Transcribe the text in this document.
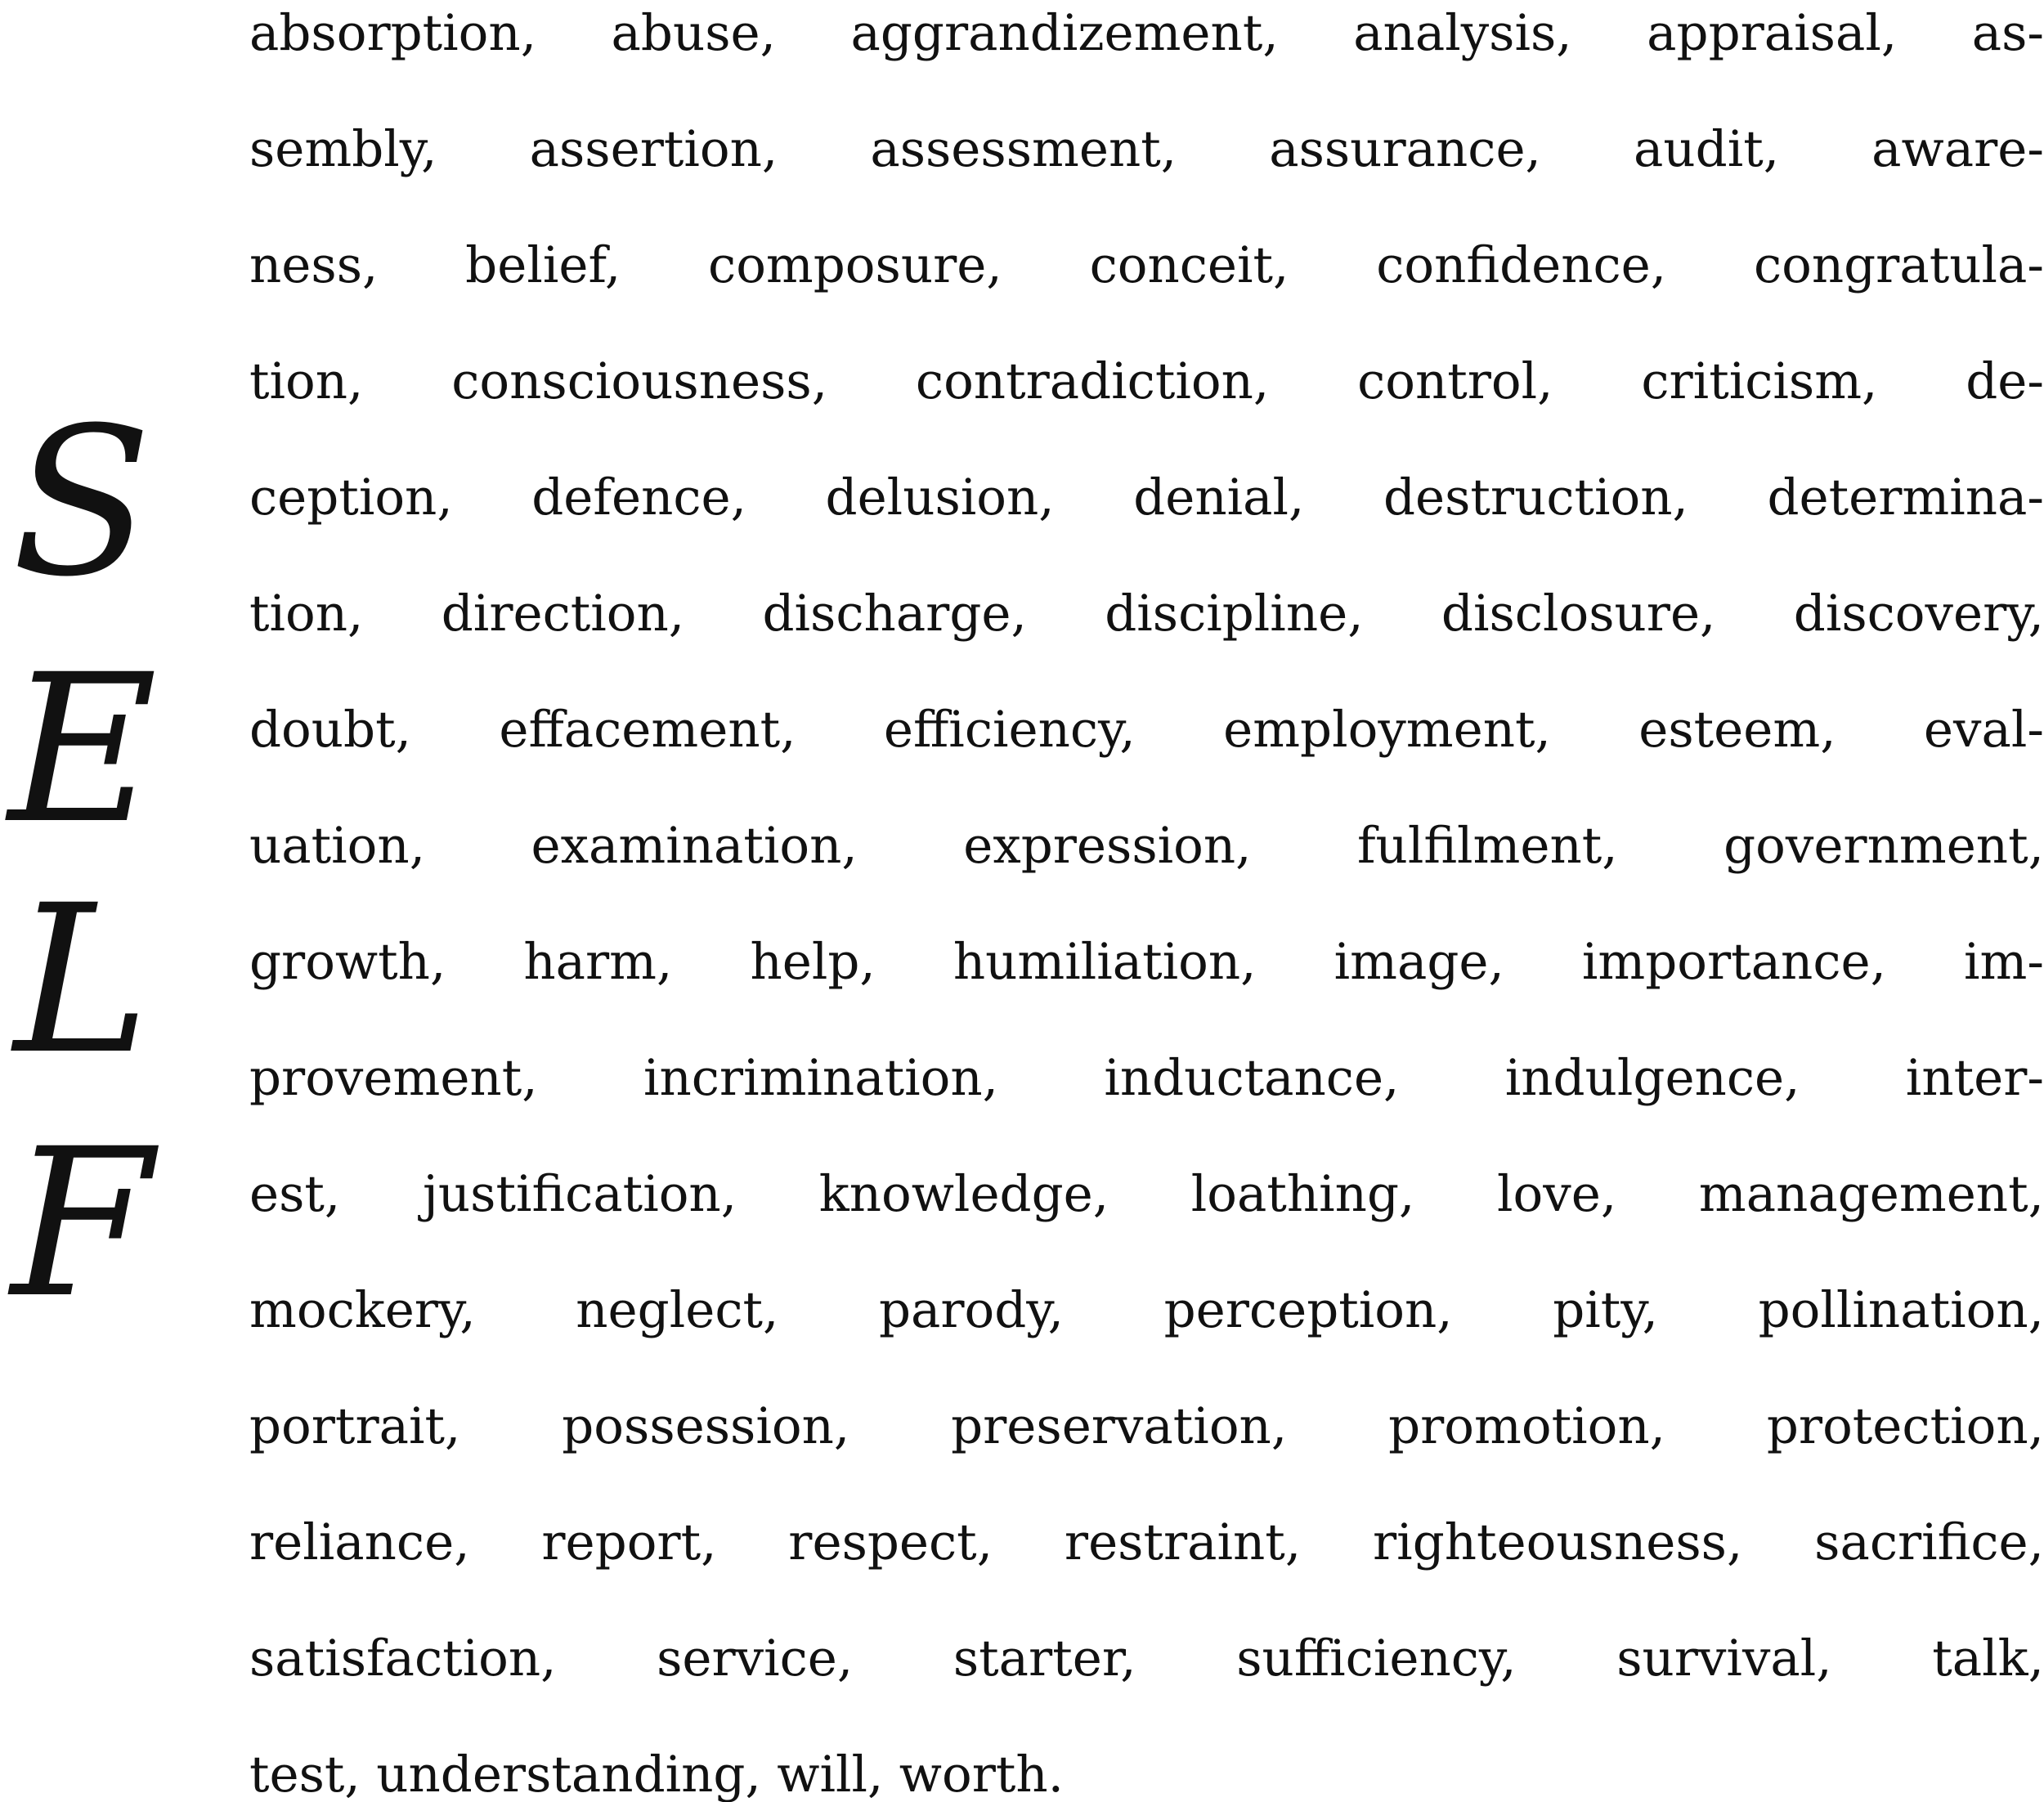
S
E
L
F
absorption, abuse, aggrandizement, analysis, appraisal, as-
sembly, assertion, assessment, assurance, audit, aware-
ness, belief, composure, conceit, confidence, congratula-
tion, consciousness, contradiction, control, criticism, de-
ception, defence, delusion, denial, destruction, determina-
tion, direction, discharge, discipline, disclosure, discovery,
doubt, effacement, efficiency, employment, esteem, eval-
uation, examination, expression, fulfilment, government,
growth, harm, help, humiliation, image, importance, im-
provement, incrimination, inductance, indulgence, inter-
est, justification, knowledge, loathing, love, management,
mockery, neglect, parody, perception, pity, pollination,
portrait, possession, preservation, promotion, protection,
reliance, report, respect, restraint, righteousness, sacrifice,
satisfaction, service, starter, sufficiency, survival, talk,
test, understanding, will, worth.
